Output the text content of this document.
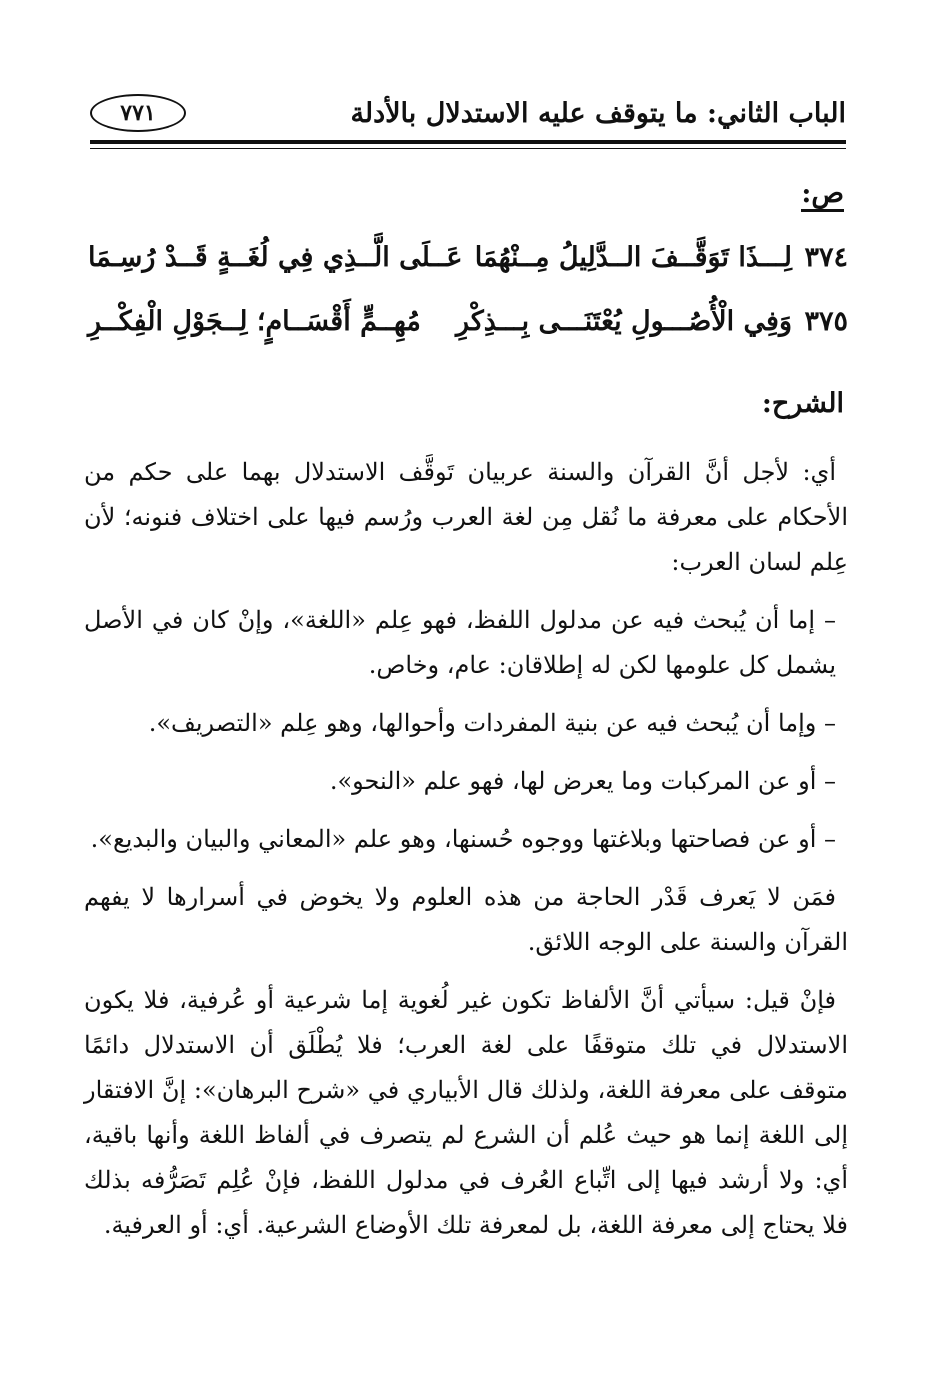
الباب الثاني: ما يتوقف عليه الاستدلال بالأدلة
٧٧١
ص:
٣٧٤
لِـــذَا تَوَقَّــفَ الــدَّلِيلُ مِــنْهُمَا
عَــلَى الَّــذِي فِي لُغَــةٍ قَــدْ رُسِـمَا
٣٧٥
وَفِي الْأُصُـــولِ يُعْتَنَـــى بِـــذِكْرِ
مُهِــمٍّ أَقْسَــامٍ؛ لِــجَوْلِ الْفِكْــرِ
الشرح:

أي: لأجل أنَّ القرآن والسنة عربيان تَوقَّف الاستدلال بهما على حكم من الأحكام على معرفة ما نُقل مِن لغة العرب ورُسم فيها على اختلاف فنونه؛ لأن عِلم لسان العرب:

– إما أن يُبحث فيه عن مدلول اللفظ، فهو عِلم «اللغة»، وإنْ كان في الأصل يشمل كل علومها لكن له إطلاقان: عام، وخاص.

– وإما أن يُبحث فيه عن بنية المفردات وأحوالها، وهو عِلم «التصريف».

– أو عن المركبات وما يعرض لها، فهو علم «النحو».

– أو عن فصاحتها وبلاغتها ووجوه حُسنها، وهو علم «المعاني والبيان والبديع».

فمَن لا يَعرف قَدْر الحاجة من هذه العلوم ولا يخوض في أسرارها لا يفهم القرآن والسنة على الوجه اللائق.

فإنْ قيل: سيأتي أنَّ الألفاظ تكون غير لُغوية إما شرعية أو عُرفية، فلا يكون الاستدلال في تلك متوقفًا على لغة العرب؛ فلا يُطْلَق أن الاستدلال دائمًا متوقف على معرفة اللغة، ولذلك قال الأبياري في «شرح البرهان»: إنَّ الافتقار إلى اللغة إنما هو حيث عُلم أن الشرع لم يتصرف في ألفاظ اللغة وأنها باقية، أي: ولا أرشد فيها إلى اتِّباع العُرف في مدلول اللفظ، فإنْ عُلِم تَصَرُّفه بذلك فلا يحتاج إلى معرفة اللغة، بل لمعرفة تلك الأوضاع الشرعية. أي: أو العرفية.
